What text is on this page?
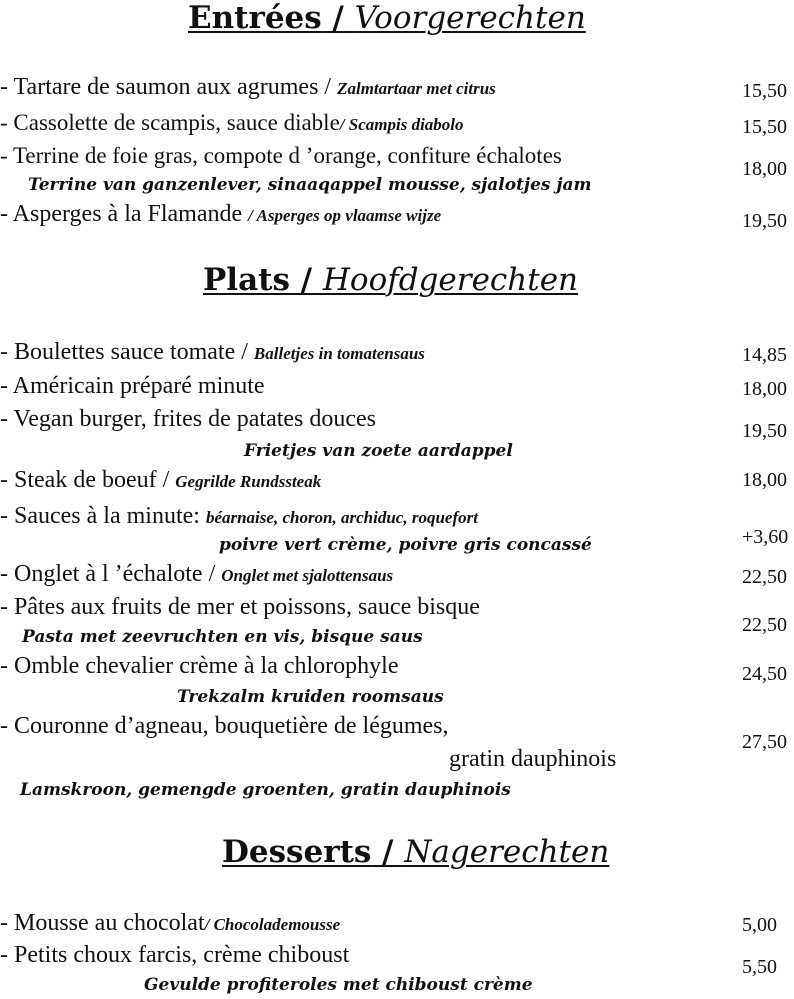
Entrées / Voorgerechten
- Tartare de saumon aux agrumes / Zalmtartaar met citrus	15,50
- Cassolette de scampis, sauce diable/ Scampis diabolo	15,50
- Terrine de foie gras, compote d ’orange, confiture échalotes
Terrine van ganzenlever, sinaaqappel mousse, sjalotjes jam
18,00
- Asperges à la Flamande / Asperges op vlaamse wijze	19,50
Plats / Hoofdgerechten
- Boulettes sauce tomate / Balletjes in tomatensaus	14,85
- Américain préparé minute	18,00
- Vegan burger, frites de patates douces
Frietjes van zoete aardappel
19,50
- Steak de boeuf / Gegrilde Rundssteak	18,00
- Sauces à la minute: béarnaise, choron, archiduc, roquefort
poivre vert crème, poivre gris concassé	+3,60
- Onglet à l ’échalote / Onglet met sjalottensaus	22,50
- Pâtes aux fruits de mer et poissons, sauce bisque
Pasta met zeevruchten en vis, bisque saus
22,50
- Omble chevalier crème à la chlorophyle
Trekzalm kruiden roomsaus
24,50
- Couronne d’agneau, bouquetière de légumes,
gratin dauphinois
Lamskroon, gemengde groenten, gratin dauphinois
27,50
Desserts / Nagerechten
- Mousse au chocolat/ Chocolademousse	5,00
- Petits choux farcis, crème chiboust
Gevulde profiteroles met chiboust crème
5,50
